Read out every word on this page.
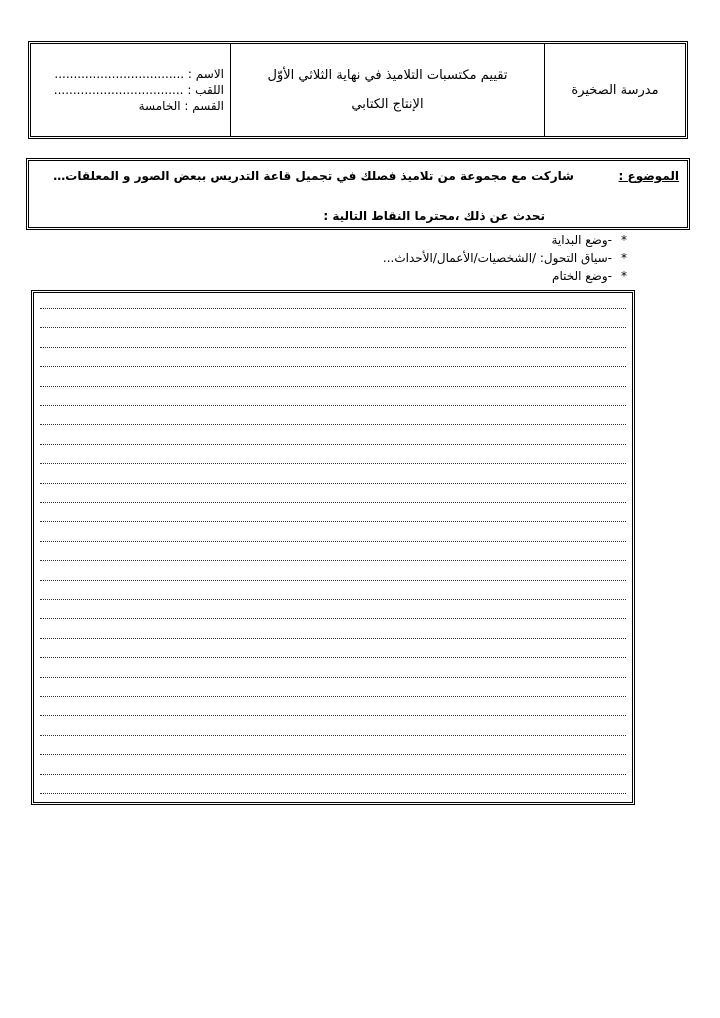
مدرسة الصخيرة
تقييم مكتسبات التلاميذ في نهاية الثلاثي الأوّل
الإنتاج الكتابي
الاسم : ..................................
اللقب : ..................................
القسم : الخامسة
الموضوع :
شاركت مع مجموعة من تلاميذ فصلك في تجميل قاعة التدريس ببعض الصور و المعلقات…
تحدث عن ذلك ،محترما النقاط التالية :
*
-وضع البداية
*
-سياق التحول: /الشخصيات/الأعمال/الأحداث...
*
-وضع الختام
